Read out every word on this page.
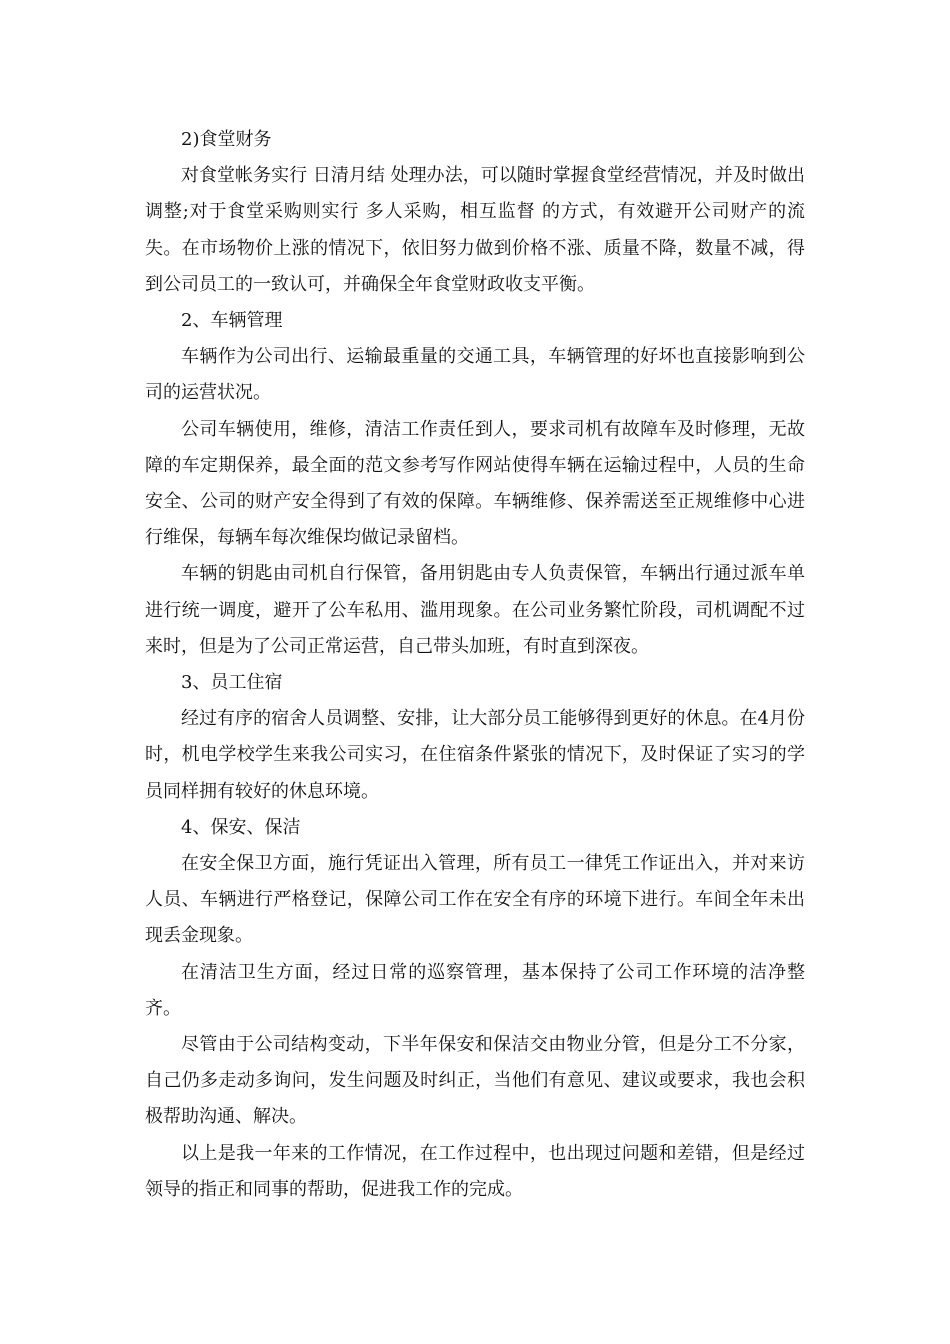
2)食堂财务

对食堂帐务实行 日清月结 处理办法，可以随时掌握食堂经营情况，并及时做出调整;对于食堂采购则实行 多人采购，相互监督 的方式，有效避开公司财产的流失。在市场物价上涨的情况下，依旧努力做到价格不涨、质量不降，数量不减，得到公司员工的一致认可，并确保全年食堂财政收支平衡。

2、车辆管理

车辆作为公司出行、运输最重量的交通工具，车辆管理的好坏也直接影响到公司的运营状况。

公司车辆使用，维修，清洁工作责任到人，要求司机有故障车及时修理，无故障的车定期保养，最全面的范文参考写作网站使得车辆在运输过程中，人员的生命安全、公司的财产安全得到了有效的保障。车辆维修、保养需送至正规维修中心进行维保，每辆车每次维保均做记录留档。

车辆的钥匙由司机自行保管，备用钥匙由专人负责保管，车辆出行通过派车单进行统一调度，避开了公车私用、滥用现象。在公司业务繁忙阶段，司机调配不过来时，但是为了公司正常运营，自己带头加班，有时直到深夜。

3、员工住宿

经过有序的宿舍人员调整、安排，让大部分员工能够得到更好的休息。在4月份时，机电学校学生来我公司实习，在住宿条件紧张的情况下，及时保证了实习的学员同样拥有较好的休息环境。

4、保安、保洁

在安全保卫方面，施行凭证出入管理，所有员工一律凭工作证出入，并对来访人员、车辆进行严格登记，保障公司工作在安全有序的环境下进行。车间全年未出现丢金现象。

在清洁卫生方面，经过日常的巡察管理，基本保持了公司工作环境的洁净整齐。

尽管由于公司结构变动，下半年保安和保洁交由物业分管，但是分工不分家，自己仍多走动多询问，发生问题及时纠正，当他们有意见、建议或要求，我也会积极帮助沟通、解决。

以上是我一年来的工作情况，在工作过程中，也出现过问题和差错，但是经过领导的指正和同事的帮助，促进我工作的完成。
